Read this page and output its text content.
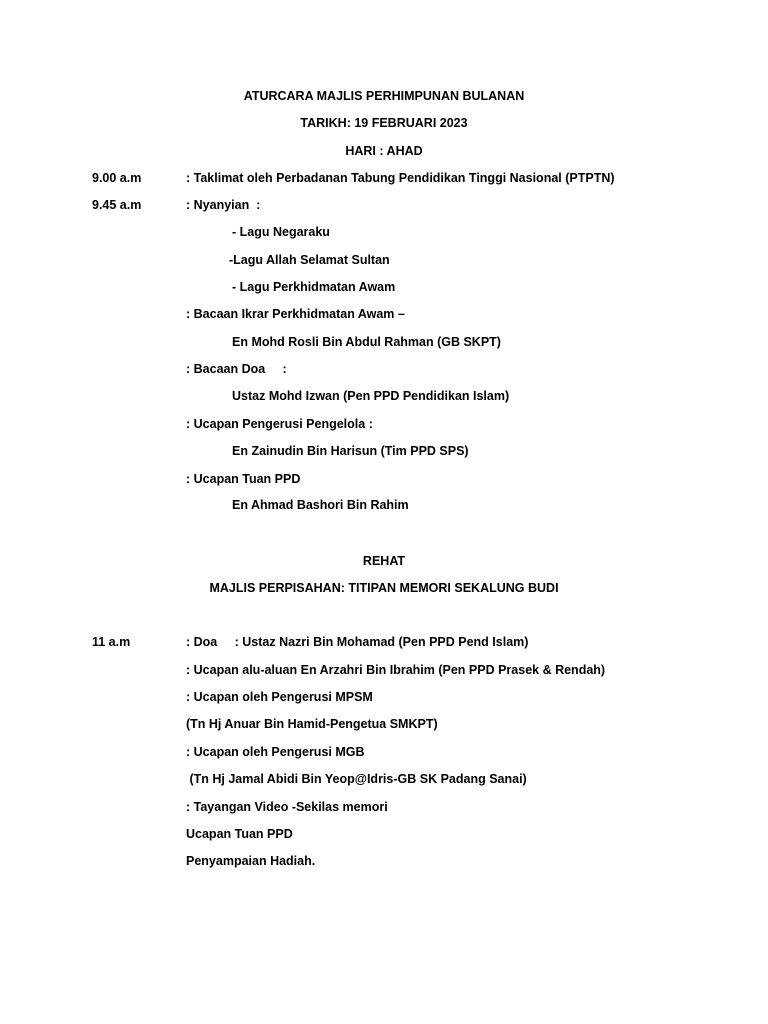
ATURCARA MAJLIS PERHIMPUNAN BULANAN
TARIKH: 19 FEBRUARI 2023
HARI : AHAD
9.00 a.m	: Taklimat oleh Perbadanan Tabung Pendidikan Tinggi Nasional (PTPTN)
9.45 a.m	: Nyanyian  :
- Lagu Negaraku
-Lagu Allah Selamat Sultan
- Lagu Perkhidmatan Awam
: Bacaan Ikrar Perkhidmatan Awam –
En Mohd Rosli Bin Abdul Rahman (GB SKPT)
: Bacaan Doa     :
Ustaz Mohd Izwan (Pen PPD Pendidikan Islam)
: Ucapan Pengerusi Pengelola :
En Zainudin Bin Harisun (Tim PPD SPS)
: Ucapan Tuan PPD
En Ahmad Bashori Bin Rahim
REHAT
MAJLIS PERPISAHAN: TITIPAN MEMORI SEKALUNG BUDI
11 a.m	: Doa     : Ustaz Nazri Bin Mohamad (Pen PPD Pend Islam)
: Ucapan alu-aluan En Arzahri Bin Ibrahim (Pen PPD Prasek & Rendah)
: Ucapan oleh Pengerusi MPSM
(Tn Hj Anuar Bin Hamid-Pengetua SMKPT)
: Ucapan oleh Pengerusi MGB
(Tn Hj Jamal Abidi Bin Yeop@Idris-GB SK Padang Sanai)
: Tayangan Video -Sekilas memori
Ucapan Tuan PPD
Penyampaian Hadiah.
